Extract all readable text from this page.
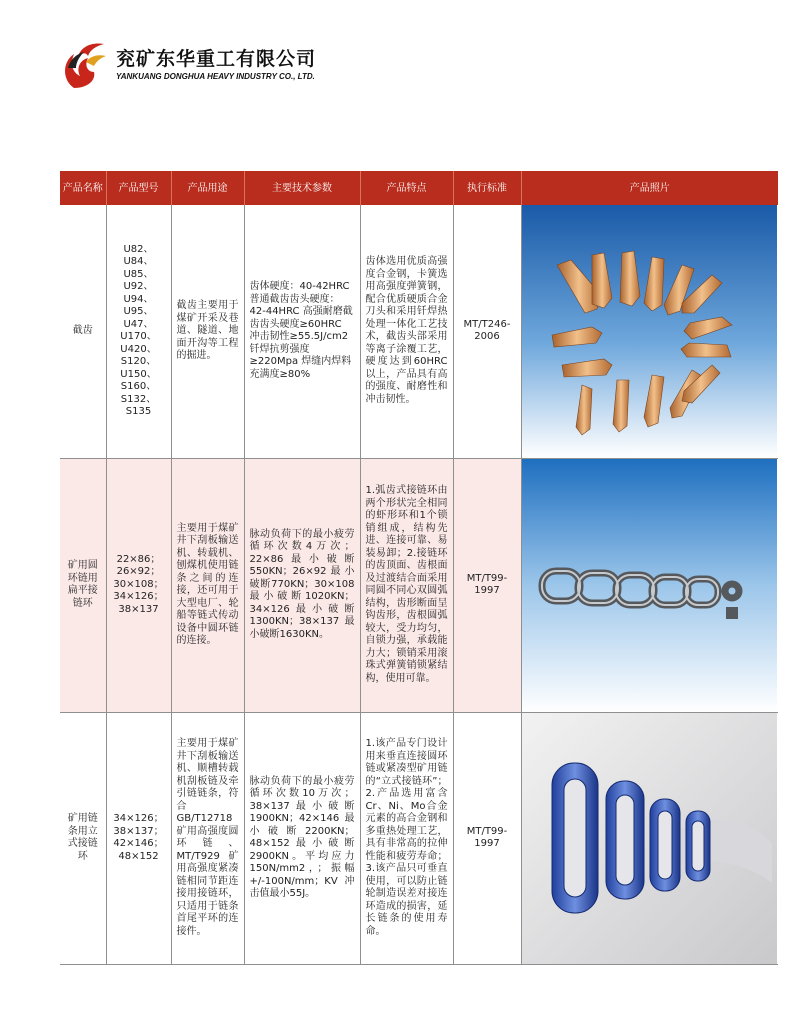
兖矿东华重工有限公司
YANKUANG DONGHUA HEAVY INDUSTRY CO., LTD.
产品名称	产品型号	产品用途	主要技术参数	产品特点	执行标准	产品照片
截齿	U82、U84、U85、U92、U94、U95、U47、U170、U420、S120、U150、S160、S132、S135	截齿主要用于煤矿开采及巷道、隧道、地面开沟等工程的掘进。	齿体硬度：40-42HRC 普通截齿齿头硬度：42-44HRC 高强耐磨截齿齿头硬度≥60HRC 冲击韧性≥55.5J/cm2 钎焊抗剪强度≥220Mpa 焊缝内焊料充满度≥80%	齿体选用优质高强度合金钢，卡簧选用高强度弹簧钢，配合优质硬质合金刀头和采用钎焊热处理一体化工艺技术，截齿头部采用等离子涂覆工艺，硬度达到60HRC以上，产品具有高的强度、耐磨性和冲击韧性。	MT/T246-2006	

矿用圆环链用扁平接链环	22×86；26×92；30×108；34×126；38×137	主要用于煤矿井下刮板输送机、转载机、刨煤机使用链条之间的连接，还可用于大型电厂、轮船等链式传动设备中圆环链的连接。	脉动负荷下的最小疲劳循环次数4万次；22×86最小破断550KN；26×92最小破断770KN；30×108最小破断1020KN；34×126最小破断1300KN；38×137最小破断1630KN。	1.弧齿式接链环由两个形状完全相同的虾形环和1个锁销组成，结构先进、连接可靠、易装易卸；2.接链环的齿顶面、齿根面及过渡结合面采用同圆不同心双圆弧结构，齿形断面呈钩齿形，齿根圆弧较大，受力均匀，自锁力强，承载能力大；锁销采用滚珠式弹簧销锁紧结构，使用可靠。	MT/T99-1997	

矿用链条用立式接链环	34×126；38×137；42×146；48×152	主要用于煤矿井下刮板输送机、顺槽转载机刮板链及牵引链链条，符合GB/T12718矿用高强度圆环链、MT/T929矿用高强度紧凑链相同节距连接用接链环，只适用于链条首尾平环的连接件。	脉动负荷下的最小疲劳循环次数10万次；38×137最小破断1900KN；42×146最小破断2200KN；48×152最小破断2900KN。平均应力150N/mm2，；振幅+/-100N/mm；KV冲击值最小55J。	1.该产品专门设计用来垂直连接圆环链或紧凑型矿用链的“立式接链环”；2.产品选用富含Cr、Ni、Mo合金元素的高合金钢和多重热处理工艺，具有非常高的拉伸性能和疲劳寿命；3.该产品只可垂直使用，可以防止链轮制造误差对接连环造成的损害，延长链条的使用寿命。	MT/T99-1997	
